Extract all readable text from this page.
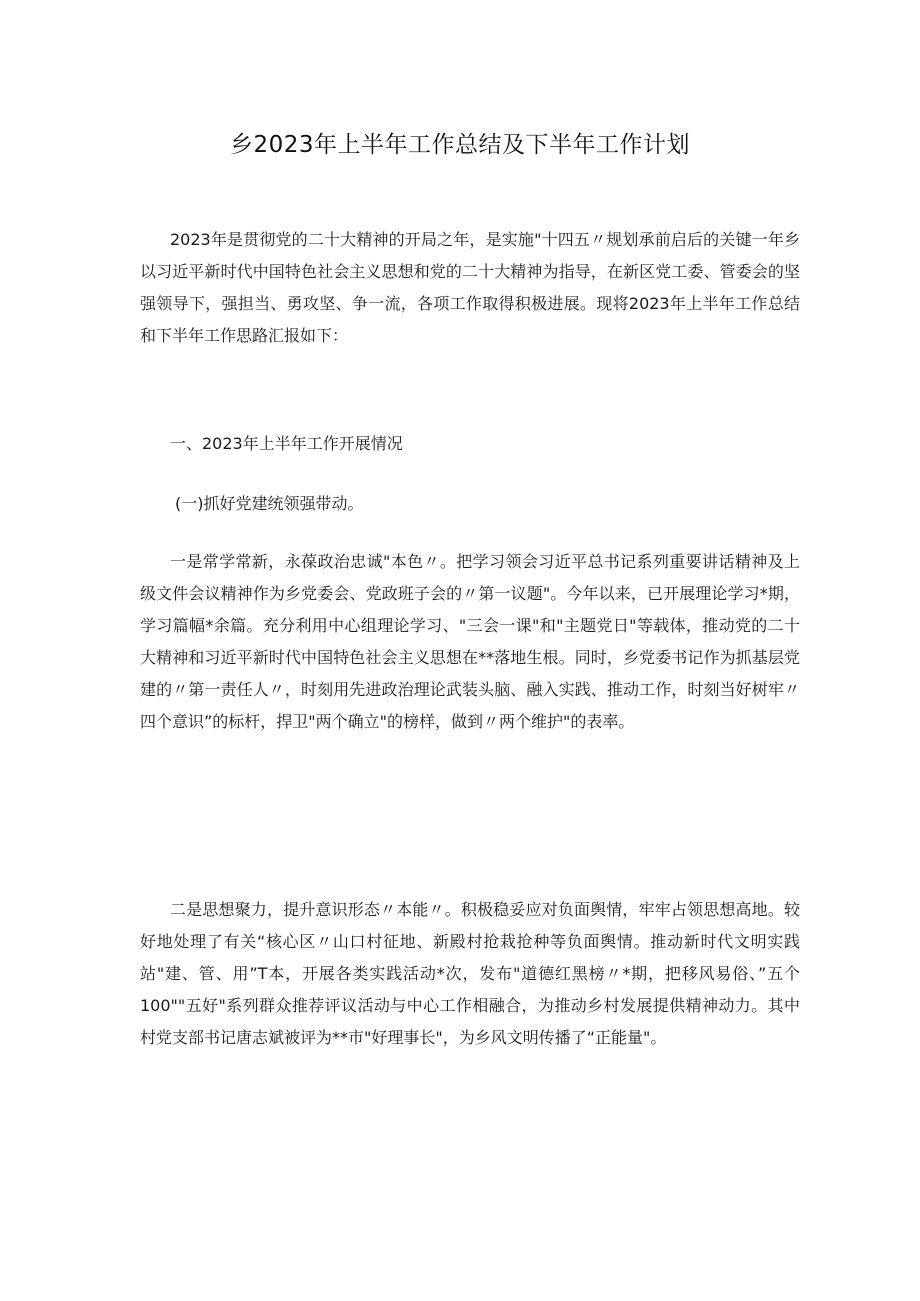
乡2023年上半年工作总结及下半年工作计划
2023年是贯彻党的二十大精神的开局之年，是实施"十四五〃规划承前启后的关键一年乡以习近平新时代中国特色社会主义思想和党的二十大精神为指导，在新区党工委、管委会的坚强领导下，强担当、勇攻坚、争一流，各项工作取得积极进展。现将2023年上半年工作总结和下半年工作思路汇报如下：
一、2023年上半年工作开展情况
(一)抓好党建统领强带动。
一是常学常新，永葆政治忠诚"本色〃。把学习领会习近平总书记系列重要讲话精神及上级文件会议精神作为乡党委会、党政班子会的〃第一议题"。今年以来，已开展理论学习*期，学习篇幅*余篇。充分利用中心组理论学习、"三会一课"和"主题党日"等载体，推动党的二十大精神和习近平新时代中国特色社会主义思想在**落地生根。同时，乡党委书记作为抓基层党建的〃第一责任人〃，时刻用先进政治理论武装头脑、融入实践、推动工作，时刻当好树牢〃四个意识”的标杆，捍卫"两个确立"的榜样，做到〃两个维护"的表率。
二是思想聚力，提升意识形态〃本能〃。积极稳妥应对负面舆情，牢牢占领思想高地。较好地处理了有关“核心区〃山口村征地、新殿村抢栽抢种等负面舆情。推动新时代文明实践站"建、管、用”T本，开展各类实践活动*次，发布"道德红黑榜〃*期，把移风易俗、”五个100""五好"系列群众推荐评议活动与中心工作相融合，为推动乡村发展提供精神动力。其中村党支部书记唐志斌被评为**市"好理事长"，为乡风文明传播了“正能量"。
